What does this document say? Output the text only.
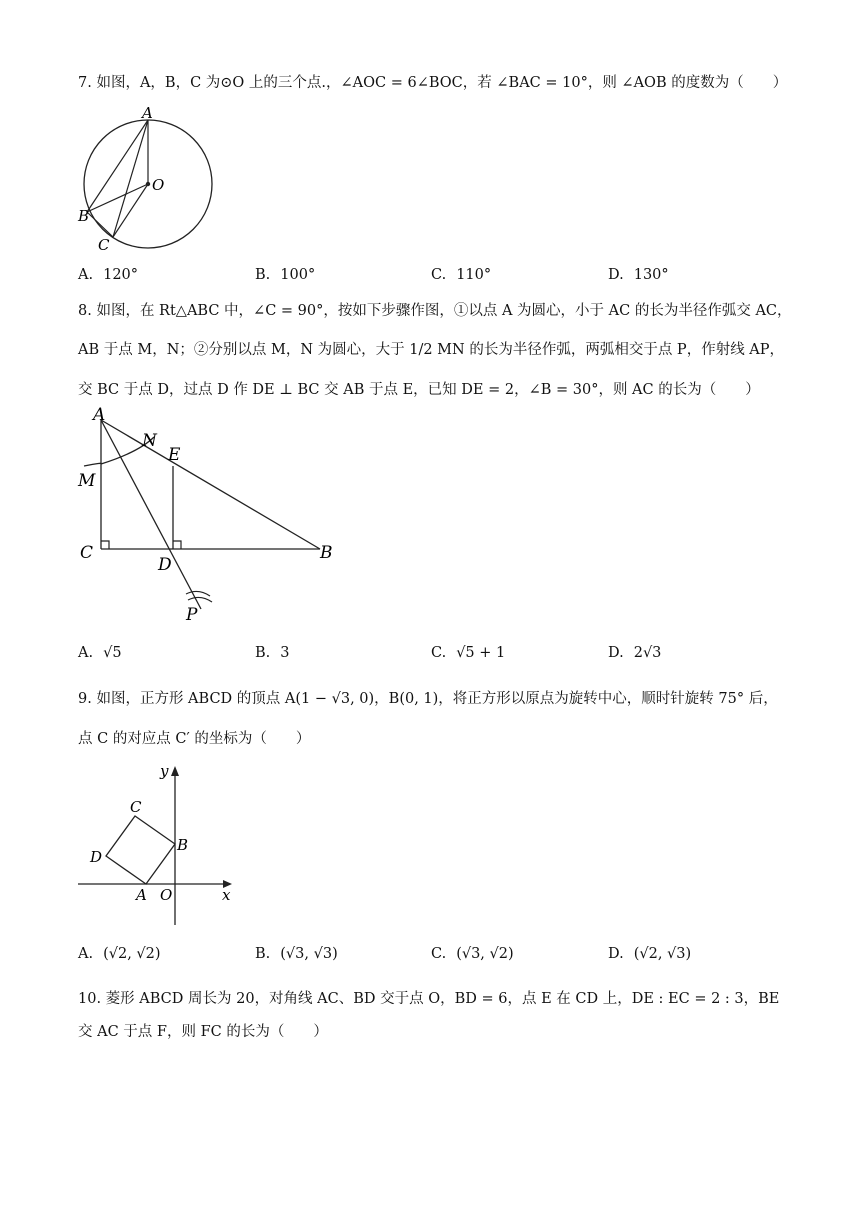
7. 如图，A，B，C 为⊙O 上的三个点.，∠AOC = 6∠BOC，若 ∠BAC = 10°，则 ∠AOB 的度数为（　　）
A
O
B
C
A. 120°	B. 100°	C. 110°	D. 130°
8. 如图，在 Rt△ABC 中，∠C = 90°，按如下步骤作图，①以点 A 为圆心，小于 AC 的长为半径作弧交 AC，
AB 于点 M，N；②分别以点 M，N 为圆心，大于 1/2 MN 的长为半径作弧，两弧相交于点 P，作射线 AP，
交 BC 于点 D，过点 D 作 DE ⊥ BC 交 AB 于点 E，已知 DE = 2，∠B = 30°，则 AC 的长为（　　）
A
N
E
M
C
D
B
P
A. √5	B. 3	C. √5 + 1	D. 2√3
9. 如图，正方形 ABCD 的顶点 A(1 − √3, 0)，B(0, 1)，将正方形以原点为旋转中心，顺时针旋转 75° 后，
点 C 的对应点 C′ 的坐标为（　　）
y
x
C
D
B
A O
A. (√2, √2)	B. (√3, √3)	C. (√3, √2)	D. (√2, √3)
10. 菱形 ABCD 周长为 20，对角线 AC、BD 交于点 O，BD = 6，点 E 在 CD 上，DE : EC = 2 : 3，BE
交 AC 于点 F，则 FC 的长为（　　）
